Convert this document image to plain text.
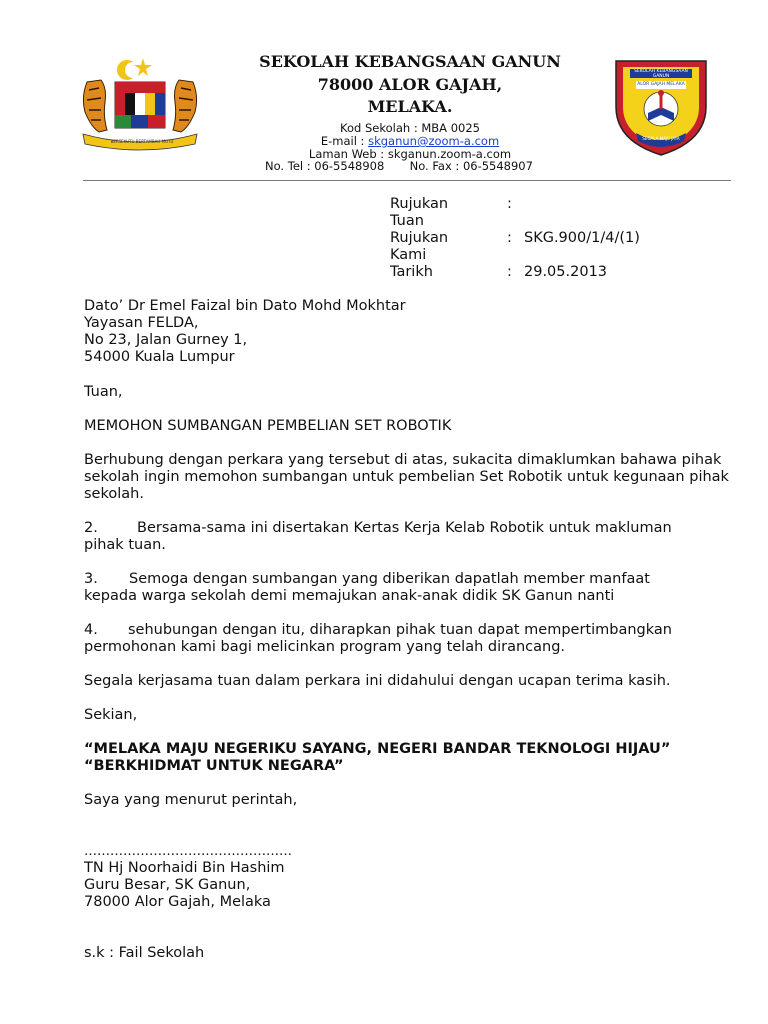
BERSEKUTU BERTAMBAH MUTU
SEKOLAH KEBANGSAAN GANUN
ALOR GAJAH MELAKA
SEGALA MAJU JAYA
SEKOLAH KEBANGSAAN GANUN
78000 ALOR GAJAH,
MELAKA.
Kod Sekolah : MBA 0025
E-mail : skganun@zoom-a.com
Laman Web : skganun.zoom-a.com
No. Tel : 06-5548908 No. Fax : 06-5548907
Rujukan
Tuan
:
Rujukan
Kami
: SKG.900/1/4/(1)
Tarikh	: 29.05.2013
Dato’ Dr Emel Faizal bin Dato Mohd Mokhtar
Yayasan FELDA,
No 23, Jalan Gurney 1,
54000 Kuala Lumpur
Tuan,
MEMOHON SUMBANGAN PEMBELIAN SET ROBOTIK
Berhubung dengan perkara yang tersebut di atas, sukacita dimaklumkan bahawa pihak sekolah ingin memohon sumbangan untuk pembelian Set Robotik untuk kegunaan pihak sekolah.
2.	Bersama-sama ini disertakan Kertas Kerja Kelab Robotik untuk makluman
pihak tuan.
3. Semoga dengan sumbangan yang diberikan dapatlah member manfaat
kepada warga sekolah demi memajukan anak-anak didik SK Ganun nanti
4. sehubungan dengan itu, diharapkan pihak tuan dapat mempertimbangkan
permohonan kami bagi melicinkan program yang telah dirancang.
Segala kerjasama tuan dalam perkara ini didahului dengan ucapan terima kasih.
Sekian,
“MELAKA MAJU NEGERIKU SAYANG, NEGERI BANDAR TEKNOLOGI HIJAU”
“BERKHIDMAT UNTUK NEGARA”
Saya yang menurut perintah,
…………………………………………
TN Hj Noorhaidi Bin Hashim
Guru Besar, SK Ganun,
78000 Alor Gajah, Melaka
s.k : Fail Sekolah
